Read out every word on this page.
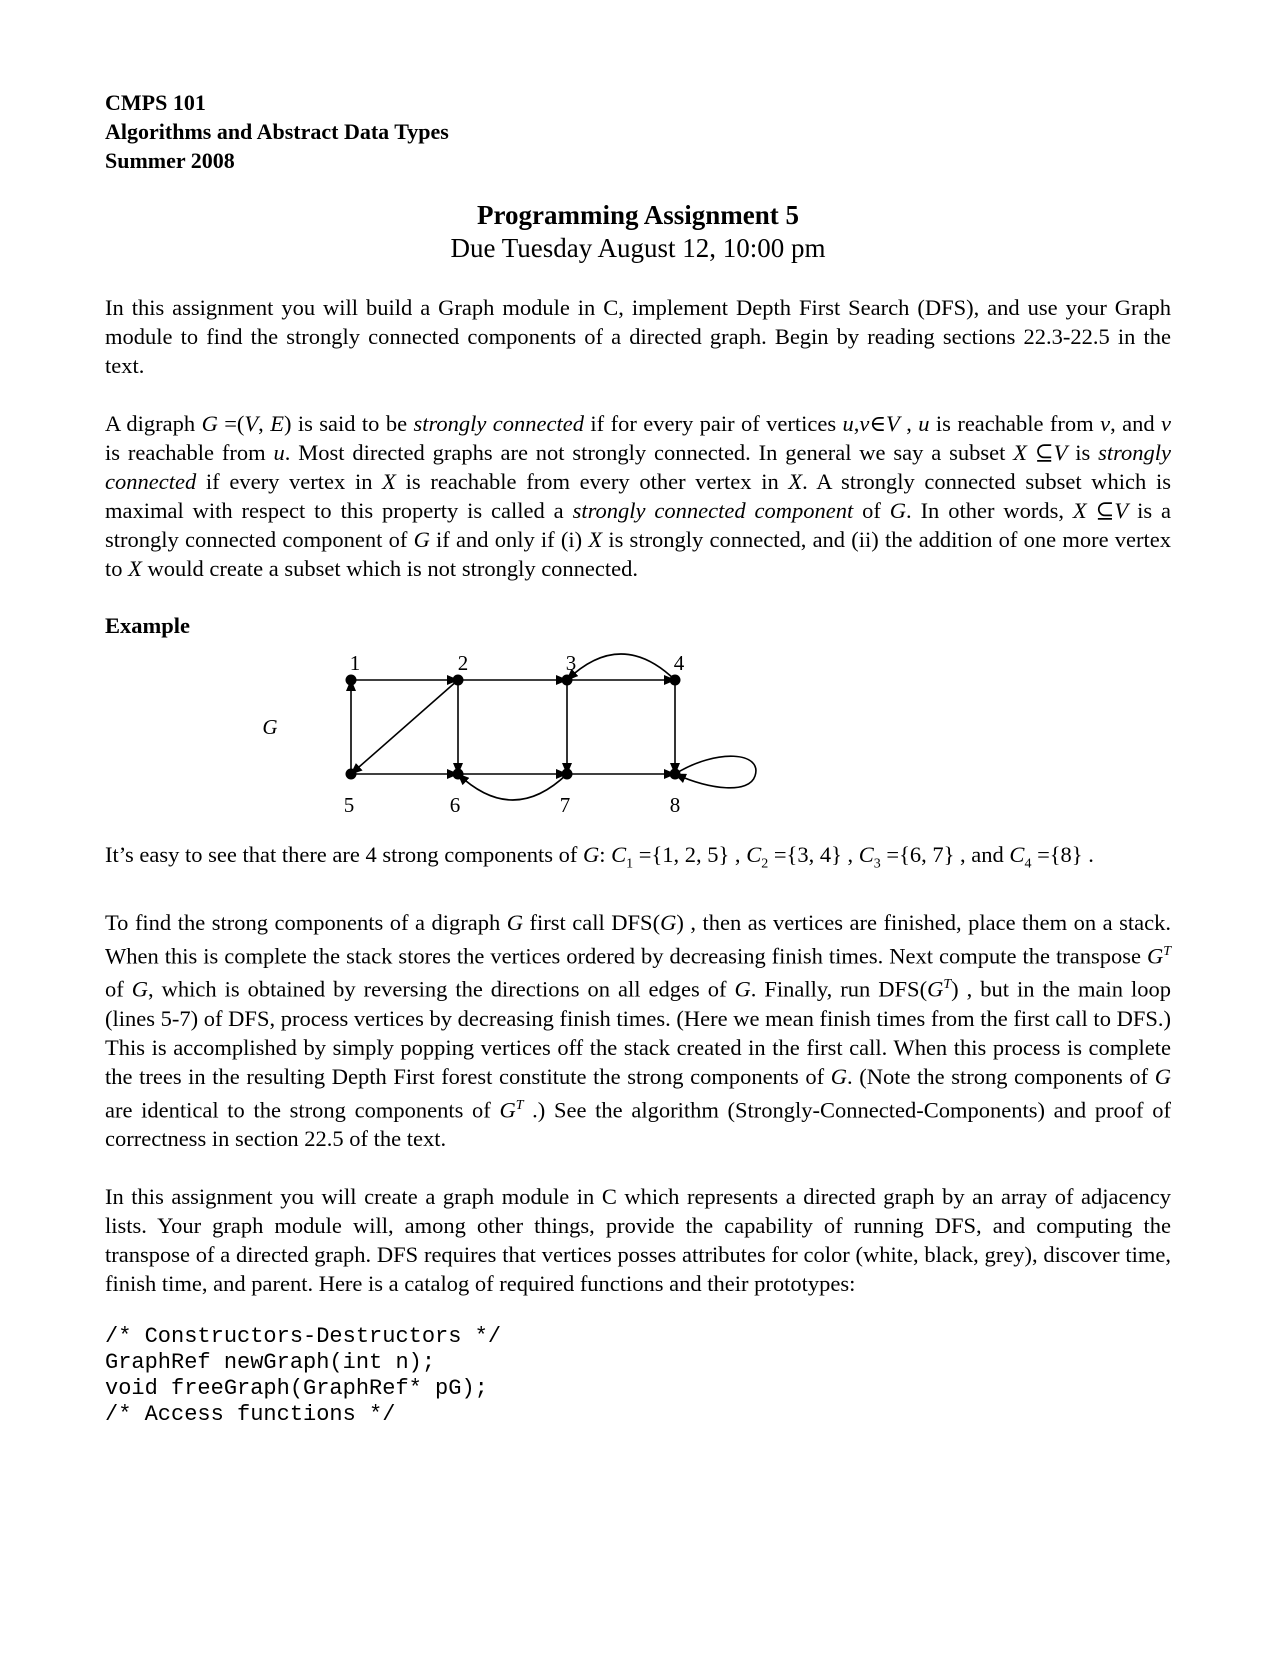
CMPS 101
Algorithms and Abstract Data Types
Summer 2008
Programming Assignment 5
Due Tuesday August 12, 10:00 pm

In this assignment you will build a Graph module in C, implement Depth First Search (DFS), and use your Graph module to find the strongly connected components of a directed graph. Begin by reading sections 22.3-22.5 in the text.

A digraph G =(V, E) is said to be strongly connected if for every pair of vertices u,v∈V , u is reachable from v, and v is reachable from u. Most directed graphs are not strongly connected. In general we say a subset X ⊆V is strongly connected if every vertex in X is reachable from every other vertex in X. A strongly connected subset which is maximal with respect to this property is called a strongly connected component of G. In other words, X ⊆V is a strongly connected component of G if and only if (i) X is strongly connected, and (ii) the addition of one more vertex to X would create a subset which is not strongly connected.

Example
1	2	3	4
5	6	7	8
G

It’s easy to see that there are 4 strong components of G: $C_1 =\{1$, 2, 5} , $C_2 =\{3$, 4} , $C_3 =\{6$, 7} , and $C_4 =\{8\}$ .

To find the strong components of a digraph G first call DFS(G) , then as vertices are finished, place them on a stack. When this is complete the stack stores the vertices ordered by decreasing finish times. Next compute the transpose $G^T$ of G, which is obtained by reversing the directions on all edges of G. Finally, run $DFS(G^T)$ , but in the main loop (lines 5-7) of DFS, process vertices by decreasing finish times. (Here we mean finish times from the first call to DFS.) This is accomplished by simply popping vertices off the stack created in the first call. When this process is complete the trees in the resulting Depth First forest constitute the strong components of G. (Note the strong components of G are identical to the strong components of $G^T$ .) See the algorithm (Strongly-Connected-Components) and proof of correctness in section 22.5 of the text.

In this assignment you will create a graph module in C which represents a directed graph by an array of adjacency lists. Your graph module will, among other things, provide the capability of running DFS, and computing the transpose of a directed graph. DFS requires that vertices posses attributes for color (white, black, grey), discover time, finish time, and parent. Here is a catalog of required functions and their prototypes:

/* Constructors-Destructors */
GraphRef newGraph(int n);
void freeGraph(GraphRef* pG);
/* Access functions */
